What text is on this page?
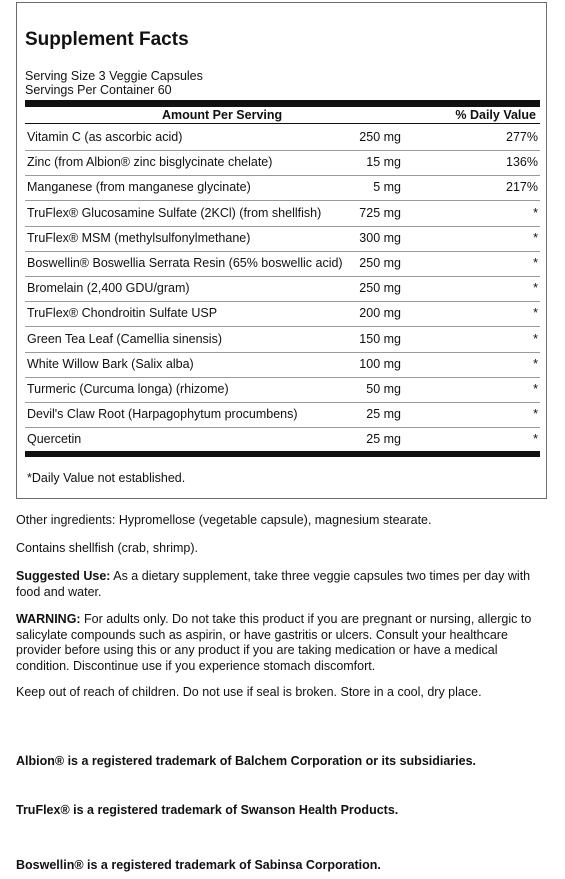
Supplement Facts
Serving Size 3 Veggie Capsules
Servings Per Container 60
Amount Per Serving	% Daily Value
Vitamin C (as ascorbic acid)	250 mg	277%
Zinc (from Albion® zinc bisglycinate chelate)	15 mg	136%
Manganese (from manganese glycinate)	5 mg	217%
TruFlex® Glucosamine Sulfate (2KCl) (from shellfish)	725 mg	*
TruFlex® MSM (methylsulfonylmethane)	300 mg	*
Boswellin® Boswellia Serrata Resin (65% boswellic acid) 250 mg	*
Bromelain (2,400 GDU/gram)	250 mg	*
TruFlex® Chondroitin Sulfate USP	200 mg	*
Green Tea Leaf (Camellia sinensis)	150 mg	*
White Willow Bark (Salix alba)	100 mg	*
Turmeric (Curcuma longa) (rhizome)	50 mg	*
Devil's Claw Root (Harpagophytum procumbens)	25 mg	*
Quercetin	25 mg	*
*Daily Value not established.

Other ingredients: Hypromellose (vegetable capsule), magnesium stearate.

Contains shellfish (crab, shrimp).

Suggested Use: As a dietary supplement, take three veggie capsules two times per day with food and water.

WARNING: For adults only. Do not take this product if you are pregnant or nursing, allergic to salicylate compounds such as aspirin, or have gastritis or ulcers. Consult your healthcare provider before using this or any product if you are taking medication or have a medical condition. Discontinue use if you experience stomach discomfort.

Keep out of reach of children. Do not use if seal is broken. Store in a cool, dry place.

Albion® is a registered trademark of Balchem Corporation or its subsidiaries.

TruFlex® is a registered trademark of Swanson Health Products.

Boswellin® is a registered trademark of Sabinsa Corporation.
